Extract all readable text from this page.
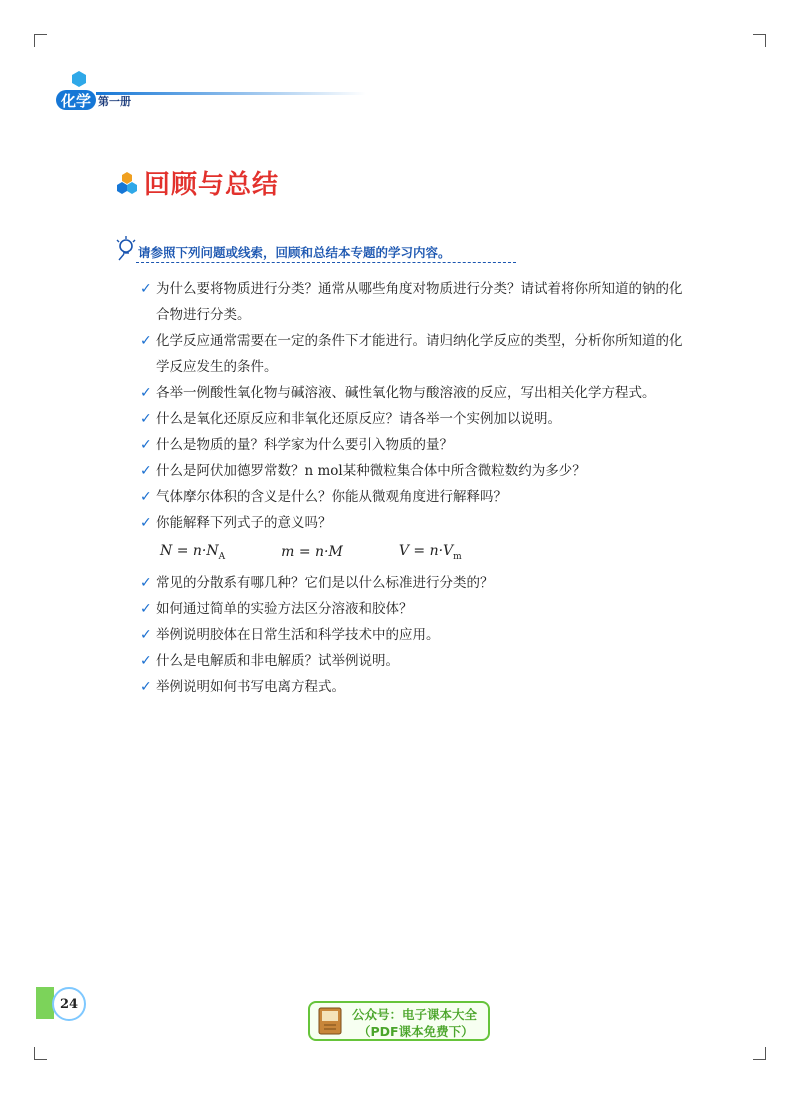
化学 第一册
回顾与总结
请参照下列问题或线索，回顾和总结本专题的学习内容。
✓ 为什么要将物质进行分类？通常从哪些角度对物质进行分类？请试着将你所知道的钠的化合物进行分类。
✓ 化学反应通常需要在一定的条件下才能进行。请归纳化学反应的类型，分析你所知道的化学反应发生的条件。
✓ 各举一例酸性氧化物与碱溶液、碱性氧化物与酸溶液的反应，写出相关化学方程式。
✓ 什么是氧化还原反应和非氧化还原反应？请各举一个实例加以说明。
✓ 什么是物质的量？科学家为什么要引入物质的量？
✓ 什么是阿伏加德罗常数？n mol某种微粒集合体中所含微粒数约为多少？
✓ 气体摩尔体积的含义是什么？你能从微观角度进行解释吗？
✓ 你能解释下列式子的意义吗？
$N = n\cdot N_A$	m = n·M	$V = n\cdot V_m$
✓ 常见的分散系有哪几种？它们是以什么标准进行分类的？
✓ 如何通过简单的实验方法区分溶液和胶体？
✓ 举例说明胶体在日常生活和科学技术中的应用。
✓ 什么是电解质和非电解质？试举例说明。
✓ 举例说明如何书写电离方程式。
24
公众号：电子课本大全
（PDF课本免费下）
